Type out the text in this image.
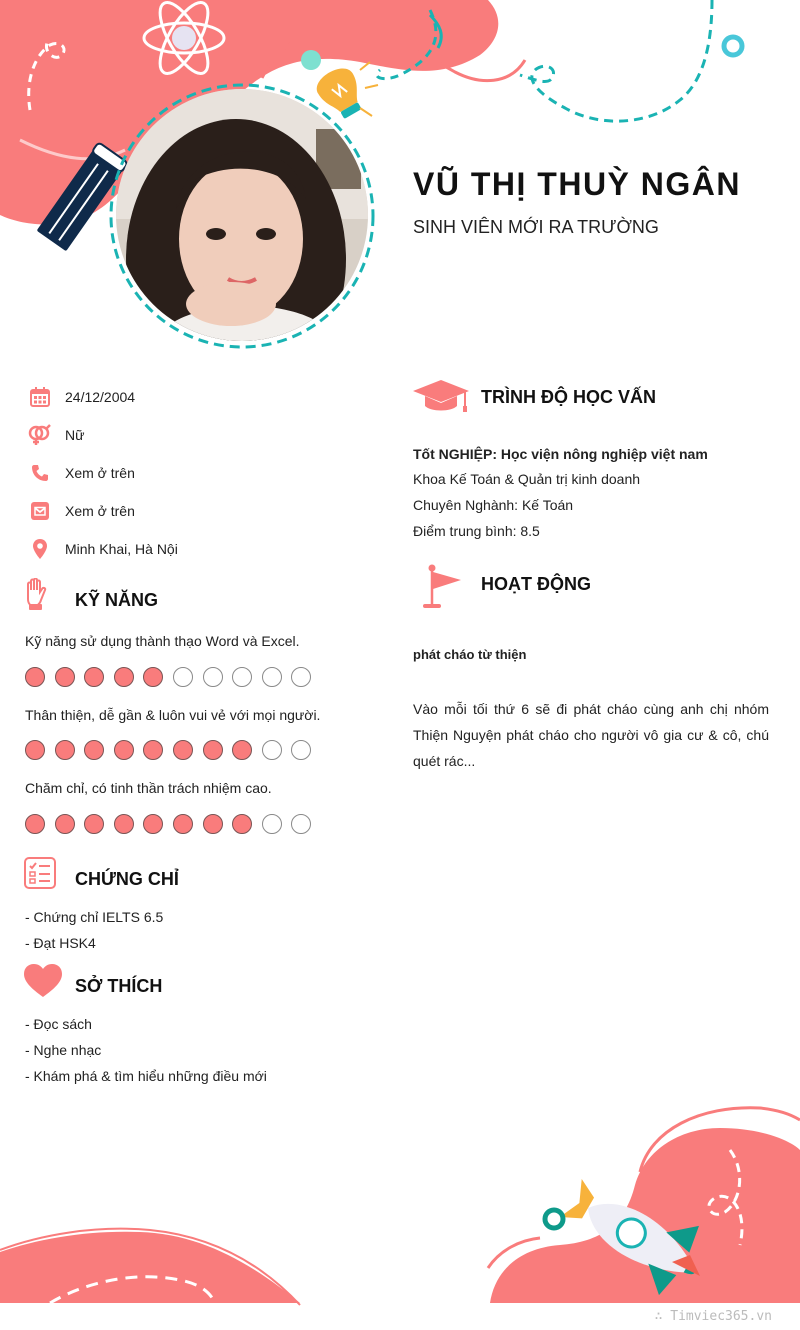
VŨ THỊ THUỲ NGÂN
SINH VIÊN MỚI RA TRƯỜNG
24/12/2004
Nữ
Xem ở trên
Xem ở trên
Minh Khai, Hà Nội
KỸ NĂNG
Kỹ năng sử dụng thành thạo Word và Excel.
Thân thiện, dễ gần & luôn vui vẻ với mọi người.
Chăm chỉ, có tinh thần trách nhiệm cao.
CHỨNG CHỈ
- Chứng chỉ IELTS 6.5
- Đạt HSK4
SỞ THÍCH
- Đọc sách
- Nghe nhạc
- Khám phá & tìm hiểu những điều mới
TRÌNH ĐỘ HỌC VẤN
Tốt NGHIỆP: Học viện nông nghiệp việt nam
Khoa Kế Toán & Quản trị kinh doanh
Chuyên Nghành: Kế Toán
Điểm trung bình: 8.5
HOẠT ĐỘNG
phát cháo từ thiện
Vào mỗi tối thứ 6 sẽ đi phát cháo cùng anh chị nhóm Thiện Nguyện phát cháo cho người vô gia cư & cô, chú quét rác...
∴ Timviec365.vn
